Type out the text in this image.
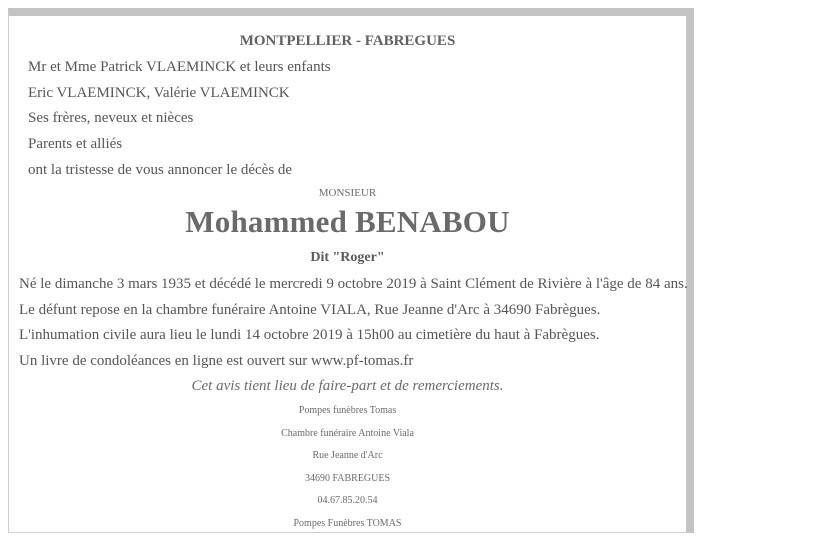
MONTPELLIER - FABREGUES
Mr et Mme Patrick VLAEMINCK et leurs enfants
Eric VLAEMINCK, Valérie VLAEMINCK
Ses frères, neveux et nièces
Parents et alliés
ont la tristesse de vous annoncer le décès de
MONSIEUR
Mohammed BENABOU
Dit "Roger"
Né le dimanche 3 mars 1935 et décédé le mercredi 9 octobre 2019 à Saint Clément de Rivière à l'âge de 84 ans.
Le défunt repose en la chambre funéraire Antoine VIALA, Rue Jeanne d'Arc à 34690 Fabrègues.
L'inhumation civile aura lieu le lundi 14 octobre 2019 à 15h00 au cimetière du haut à Fabrègues.
Un livre de condoléances en ligne est ouvert sur www.pf-tomas.fr
Cet avis tient lieu de faire-part et de remerciements.
Pompes funèbres Tomas
Chambre funéraire Antoine Viala
Rue Jeanne d'Arc
34690 FABREGUES
04.67.85.20.54
Pompes Funèbres TOMAS
